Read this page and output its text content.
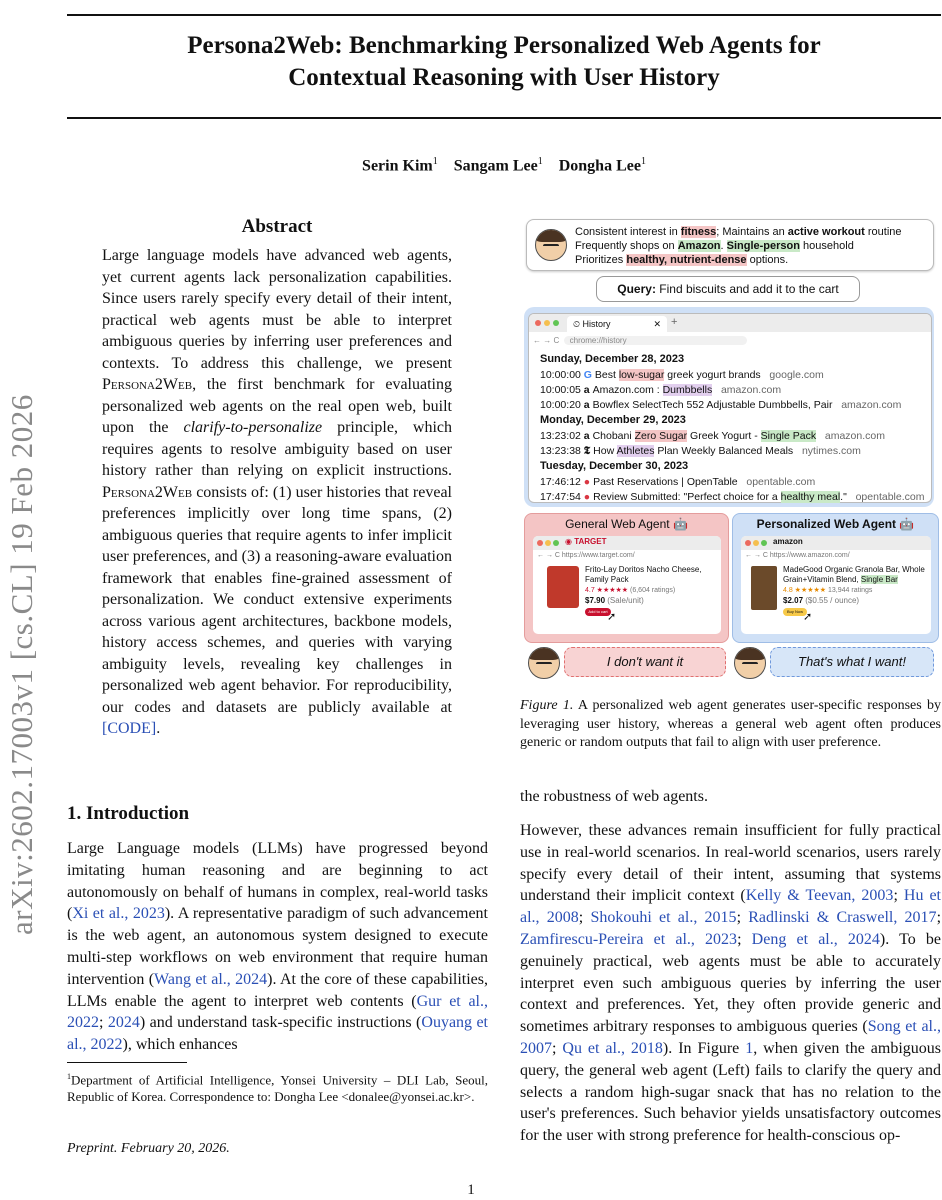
Persona2Web: Benchmarking Personalized Web Agents for
Contextual Reasoning with User History
Serin Kim$^1$ Sangam Lee$^1$ Dongha Lee$^1$
arXiv:2602.17003v1 [cs.CL] 19 Feb 2026
Abstract
Large language models have advanced web agents, yet current agents lack personalization capabilities. Since users rarely specify every detail of their intent, practical web agents must be able to interpret ambiguous queries by inferring user preferences and contexts. To address this challenge, we present Persona2Web, the first benchmark for evaluating personalized web agents on the real open web, built upon the clarify-to-personalize principle, which requires agents to resolve ambiguity based on user history rather than relying on explicit instructions. Persona2Web consists of: (1) user histories that reveal preferences implicitly over long time spans, (2) ambiguous queries that require agents to infer implicit user preferences, and (3) a reasoning-aware evaluation framework that enables fine-grained assessment of personalization. We conduct extensive experiments across various agent architectures, backbone models, history access schemes, and queries with varying ambiguity levels, revealing key challenges in personalized web agent behavior. For reproducibility, our codes and datasets are publicly available at [CODE].
1. Introduction
Large Language models (LLMs) have progressed beyond imitating human reasoning and are beginning to act autonomously on behalf of humans in complex, real-world tasks (Xi et al., 2023). A representative paradigm of such advancement is the web agent, an autonomous system designed to execute multi-step workflows on web environment that require human intervention (Wang et al., 2024). At the core of these capabilities, LLMs enable the agent to interpret web contents (Gur et al., 2022; 2024) and understand task-specific instructions (Ouyang et al., 2022), which enhances
$^1$Department of Artificial Intelligence, Yonsei University – DLI Lab, Seoul, Republic of Korea. Correspondence to: Dongha Lee <donalee@yonsei.ac.kr>.
Preprint. February 20, 2026.
1
Consistent interest in fitness; Maintains an active workout routine
Frequently shops on Amazon. Single-person household
Prioritizes healthy, nutrient-dense options.
Query: Find biscuits and add it to the cart
⏲ History	✕ +
← → C  chrome://history
Sunday, December 28, 2023
10:00:00 G Best low-sugar greek yogurt brands   google.com
10:00:05 a Amazon.com : Dumbbells   amazon.com
10:00:20 a Bowflex SelectTech 552 Adjustable Dumbbells, Pair   amazon.com
Monday, December 29, 2023
13:23:02 a Chobani Zero Sugar Greek Yogurt - Single Pack   amazon.com
13:23:38 𝕿 How Athletes Plan Weekly Balanced Meals   nytimes.com
Tuesday, December 30, 2023
17:46:12 ● Past Reservations | OpenTable   opentable.com
17:47:54 ● Review Submitted: "Perfect choice for a healthy meal."   opentable.com
General Web Agent 🤖
◉ TARGET
← → C https://www.target.com/
Frito-Lay Doritos Nacho Cheese, Family Pack
4.7 ★★★★★ (6,604 ratings)
$7.90 (Sale/unit)
Add to cart ➚
Personalized Web Agent 🤖
amazon
← → C https://www.amazon.com/
MadeGood Organic Granola Bar, Whole Grain+Vitamin Blend, Single Bar
4.8 ★★★★★ 13,944 ratings
$2.07 ($0.55 / ounce)
Buy Now ➚
I don't want it	That's what I want!
Figure 1. A personalized web agent generates user-specific responses by leveraging user history, whereas a general web agent often produces generic or random outputs that fail to align with user preference.
the robustness of web agents.
However, these advances remain insufficient for fully practical use in real-world scenarios. In real-world scenarios, users rarely specify every detail of their intent, assuming that systems understand their implicit context (Kelly & Teevan, 2003; Hu et al., 2008; Shokouhi et al., 2015; Radlinski & Craswell, 2017; Zamfirescu-Pereira et al., 2023; Deng et al., 2024). To be genuinely practical, web agents must be able to accurately interpret even such ambiguous queries by inferring the user context and preferences. Yet, they often provide generic and sometimes arbitrary responses to ambiguous queries (Song et al., 2007; Qu et al., 2018). In Figure 1, when given the ambiguous query, the general web agent (Left) fails to clarify the query and selects a random high-sugar snack that has no relation to the user's preferences. Such behavior yields unsatisfactory outcomes for the user with strong preference for health-conscious op-
